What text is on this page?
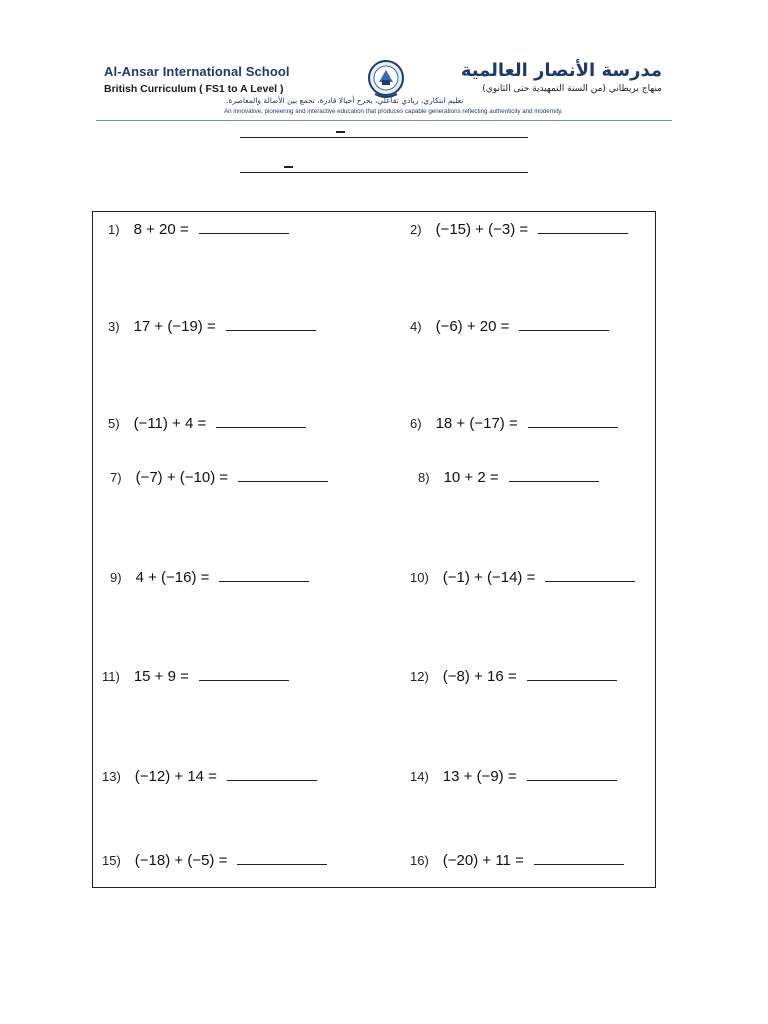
Al-Ansar International School
British Curriculum ( FS1 to A Level )
مدرسة الأنصار العالمية
منهاج بريطاني (من السنة التمهيدية حتى الثانوي)
تعليم ابتكاري، ريادي تفاعلي، يخرج أجيالا قادرة، تجمع بين الأصالة والمعاصرة.
An innovative, pioneering and interactive education that produces capable generations reflecting authenticity and modernity.
1) 8 + 20 =	2) (−15) + (−3) =
3) 17 + (−19) =	4) (−6) + 20 =
5) (−11) + 4 =	6) 18 + (−17) =
7) (−7) + (−10) =	8) 10 + 2 =
9) 4 + (−16) =	10) (−1) + (−14) =
11) 15 + 9 =	12) (−8) + 16 =
13) (−12) + 14 =	14) 13 + (−9) =
15) (−18) + (−5) =	16) (−20) + 11 =
